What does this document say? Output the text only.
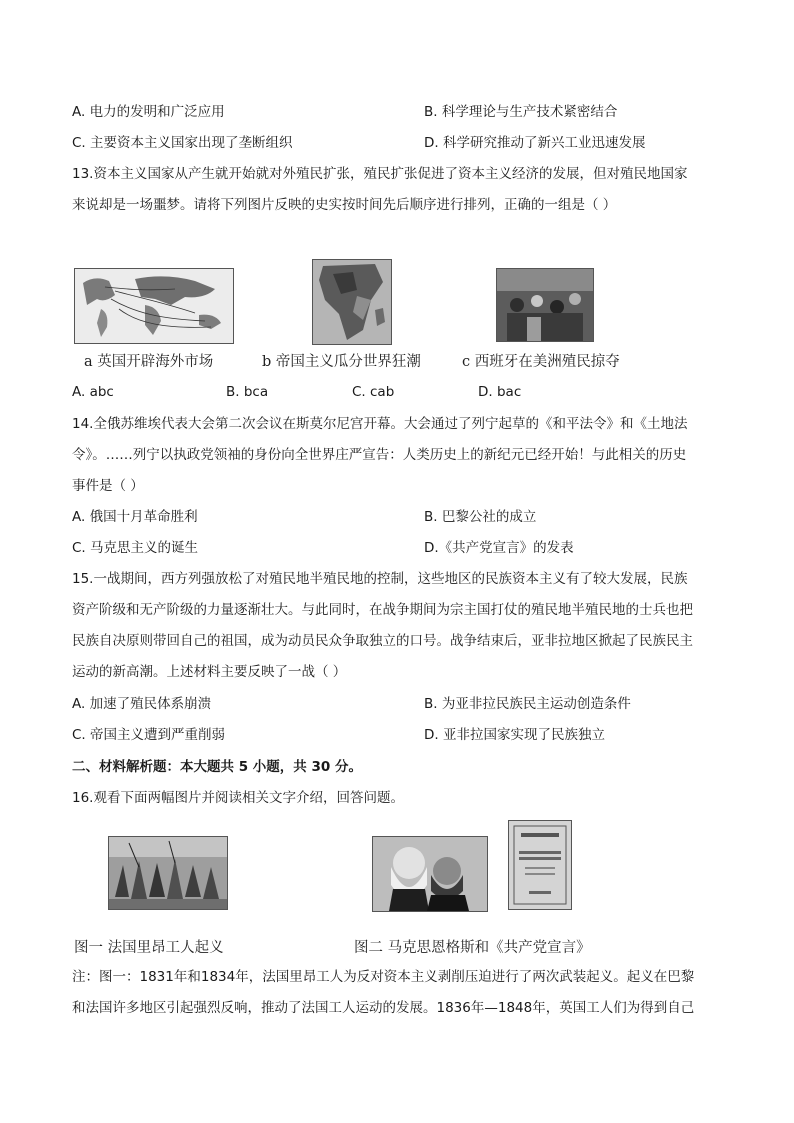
A. 电力的发明和广泛应用	B. 科学理论与生产技术紧密结合
C. 主要资本主义国家出现了垄断组织	D. 科学研究推动了新兴工业迅速发展
13.资本主义国家从产生就开始就对外殖民扩张，殖民扩张促进了资本主义经济的发展，但对殖民地国家
来说却是一场噩梦。请将下列图片反映的史实按时间先后顺序进行排列，正确的一组是（ ）
a 英国开辟海外市场	b 帝国主义瓜分世界狂潮	c 西班牙在美洲殖民掠夺
A. abc	B. bca	C. cab	D. bac
14.全俄苏维埃代表大会第二次会议在斯莫尔尼宫开幕。大会通过了列宁起草的《和平法令》和《土地法
令》。……列宁以执政党领袖的身份向全世界庄严宣告：人类历史上的新纪元已经开始！与此相关的历史
事件是（ ）
A. 俄国十月革命胜利	B. 巴黎公社的成立
C. 马克思主义的诞生	D.《共产党宣言》的发表
15.一战期间，西方列强放松了对殖民地半殖民地的控制，这些地区的民族资本主义有了较大发展，民族
资产阶级和无产阶级的力量逐渐壮大。与此同时，在战争期间为宗主国打仗的殖民地半殖民地的士兵也把
民族自决原则带回自己的祖国，成为动员民众争取独立的口号。战争结束后，亚非拉地区掀起了民族民主
运动的新高潮。上述材料主要反映了一战（ ）
A. 加速了殖民体系崩溃	B. 为亚非拉民族民主运动创造条件
C. 帝国主义遭到严重削弱	D. 亚非拉国家实现了民族独立
二、材料解析题：本大题共 5 小题，共 30 分。
16.观看下面两幅图片并阅读相关文字介绍，回答问题。
图一 法国里昂工人起义	图二 马克思恩格斯和《共产党宣言》
注：图一：1831年和1834年，法国里昂工人为反对资本主义剥削压迫进行了两次武装起义。起义在巴黎
和法国许多地区引起强烈反响，推动了法国工人运动的发展。1836年—1848年，英国工人们为得到自己
